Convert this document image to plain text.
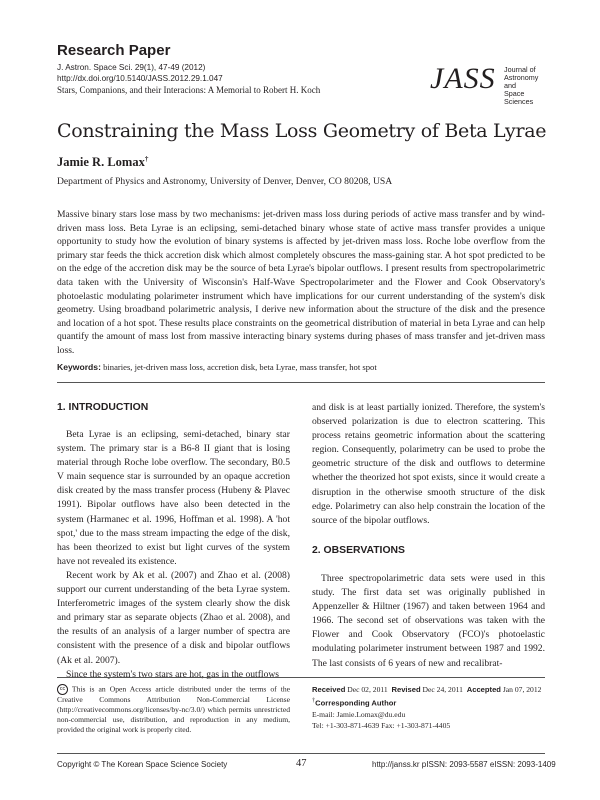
Research Paper
J. Astron. Space Sci. 29(1), 47-49 (2012)
http://dx.doi.org/10.5140/JASS.2012.29.1.047
Stars, Companions, and their Interacions: A Memorial to Robert H. Koch	JASS Journal of
Astronomy and
Space Sciences
Constraining the Mass Loss Geometry of Beta Lyrae
Jamie R. Lomax†
Department of Physics and Astronomy, University of Denver, Denver, CO 80208, USA
Massive binary stars lose mass by two mechanisms: jet-driven mass loss during periods of active mass transfer and by wind-driven mass loss. Beta Lyrae is an eclipsing, semi-detached binary whose state of active mass transfer provides a unique opportunity to study how the evolution of binary systems is affected by jet-driven mass loss. Roche lobe overflow from the primary star feeds the thick accretion disk which almost completely obscures the mass-gaining star. A hot spot predicted to be on the edge of the accretion disk may be the source of beta Lyrae's bipolar outflows. I present results from spectropolarimetric data taken with the University of Wisconsin's Half-Wave Spectropolarimeter and the Flower and Cook Observatory's photoelastic modulating polarimeter instrument which have implications for our current understanding of the system's disk geometry. Using broadband polarimetric analysis, I derive new information about the structure of the disk and the presence and location of a hot spot. These results place constraints on the geometrical distribution of material in beta Lyrae and can help quantify the amount of mass lost from massive interacting binary systems during phases of mass transfer and jet-driven mass loss.
Keywords: binaries, jet-driven mass loss, accretion disk, beta Lyrae, mass transfer, hot spot
1. INTRODUCTION

Beta Lyrae is an eclipsing, semi-detached, binary star system. The primary star is a B6-8 II giant that is losing material through Roche lobe overflow. The secondary, B0.5 V main sequence star is surrounded by an opaque accretion disk created by the mass transfer process (Hubeny & Plavec 1991). Bipolar outflows have also been detected in the system (Harmanec et al. 1996, Hoffman et al. 1998). A 'hot spot,' due to the mass stream impacting the edge of the disk, has been theorized to exist but light curves of the system have not revealed its existence.

Recent work by Ak et al. (2007) and Zhao et al. (2008) support our current understanding of the beta Lyrae system. Interferometric images of the system clearly show the disk and primary star as separate objects (Zhao et al. 2008), and the results of an analysis of a larger number of spectra are consistent with the presence of a disk and bipolar outflows (Ak et al. 2007).

Since the system's two stars are hot, gas in the outflows

and disk is at least partially ionized. Therefore, the system's observed polarization is due to electron scattering. This process retains geometric information about the scattering region. Consequently, polarimetry can be used to probe the geometric structure of the disk and outflows to determine whether the theorized hot spot exists, since it would create a disruption in the otherwise smooth structure of the disk edge. Polarimetry can also help constrain the location of the source of the bipolar outflows.

2. OBSERVATIONS

Three spectropolarimetric data sets were used in this study. The first data set was originally published in Appenzeller & Hiltner (1967) and taken between 1964 and 1966. The second set of observations was taken with the Flower and Cook Observatory (FCO)'s photoelastic modulating polarimeter instrument between 1987 and 1992. The last consists of 6 years of new and recalibrat-

cc This is an Open Access article distributed under the terms of the Creative Commons Attribution Non-Commercial License (http://creativecommons.org/licenses/by-nc/3.0/) which permits unrestricted non-commercial use, distribution, and reproduction in any medium, provided the original work is properly cited.
Received Dec 02, 2011 Revised Dec 24, 2011 Accepted Jan 07, 2012
†Corresponding Author
E-mail: Jamie.Lomax@du.edu
Tel: +1-303-871-4639 Fax: +1-303-871-4405
Copyright © The Korean Space Science Society	47	http://janss.kr pISSN: 2093-5587 eISSN: 2093-1409
